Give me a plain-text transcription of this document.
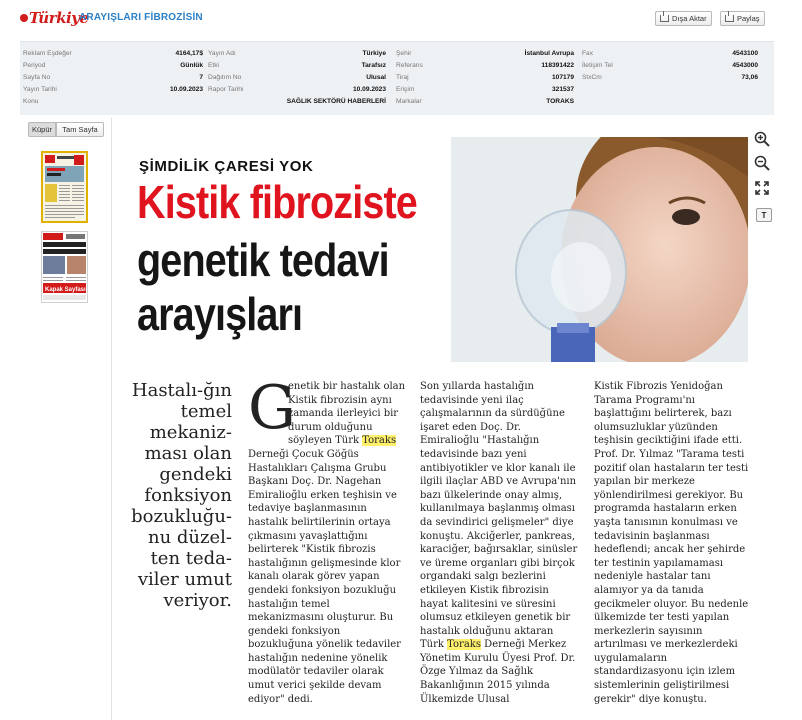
Türkiye
ARAYIŞLARI FİBROZİSİN	Dışa Aktar	Paylaş
Reklam Eşdeğer	4164,17$ Yayın Adı	Türkiye Şehir	İstanbul Avrupa Fax	4543100
Periyod	Günlük Etki	Tarafsız Referans	118391422 İletişim Tel	4543000
Sayfa No	7 Dağıtım No	Ulusal Tiraj	107179 StxCm	73,06
Yayın Tarihi	10.09.2023 Rapor Tarihi	10.09.2023 Erişim	321537
Konu	SAĞLIK SEKTÖRÜ HABERLERİ Markalar	TORAKS
Küpür	Tam Sayfa
Kapak Sayfası
T
ŞİMDİLİK ÇARESİ YOK
Kistik fibroziste
genetik tedavi
arayışları
Hastalı-ğın temel mekaniz-ması olan gendeki fonksiyon bozukluğu-nu düzel-ten teda-viler umut veriyor.
G
enetik bir hastalık olan Kistik fibrozisin aynı zamanda ilerleyici bir durum olduğunu söyleyen Türk Toraks Derneği Çocuk Göğüs Hastalıkları Çalışma Grubu Başkanı Doç. Dr. Nagehan Emiralioğlu erken teşhisin ve tedaviye başlanmasının hastalık belirtilerinin ortaya çıkmasını yavaşlattığını belirterek "Kistik fibrozis hastalığının gelişmesinde klor kanalı olarak görev yapan gendeki fonksiyon bozukluğu hastalığın temel mekanizmasını oluşturur. Bu gendeki fonksiyon bozukluğuna yönelik tedaviler hastalığın nedenine yönelik modülatör tedaviler olarak umut verici şekilde devam ediyor" dedi.
Son yıllarda hastalığın tedavisinde yeni ilaç çalışmalarının da sürdüğüne işaret eden Doç. Dr. Emiralioğlu "Hastalığın tedavisinde bazı yeni antibiyotikler ve klor kanalı ile ilgili ilaçlar ABD ve Avrupa'nın bazı ülkelerinde onay almış, kullanılmaya başlanmış olması da sevindirici gelişmeler" diye konuştu. Akciğerler, pankreas, karaciğer, bağırsaklar, sinüsler ve üreme organları gibi birçok organdaki salgı bezlerini etkileyen Kistik fibrozisin hayat kalitesini ve süresini olumsuz etkileyen genetik bir hastalık olduğunu aktaran Türk Toraks Derneği Merkez Yönetim Kurulu Üyesi Prof. Dr. Özge Yılmaz da Sağlık Bakanlığının 2015 yılında Ülkemizde Ulusal
Kistik Fibrozis Yenidoğan Tarama Programı'nı başlattığını belirterek, bazı olumsuzluklar yüzünden teşhisin geciktiğini ifade etti. Prof. Dr. Yılmaz "Tarama testi pozitif olan hastaların ter testi yapılan bir merkeze yönlendirilmesi gerekiyor. Bu programda hastaların erken yaşta tanısının konulması ve tedavisinin başlanması hedeflendi; ancak her şehirde ter testinin yapılamaması nedeniyle hastalar tanı alamıyor ya da tanıda gecikmeler oluyor. Bu nedenle ülkemizde ter testi yapılan merkezlerin sayısının artırılması ve merkezlerdeki uygulamaların standardizasyonu için izlem sistemlerinin geliştirilmesi gerekir" diye konuştu.
